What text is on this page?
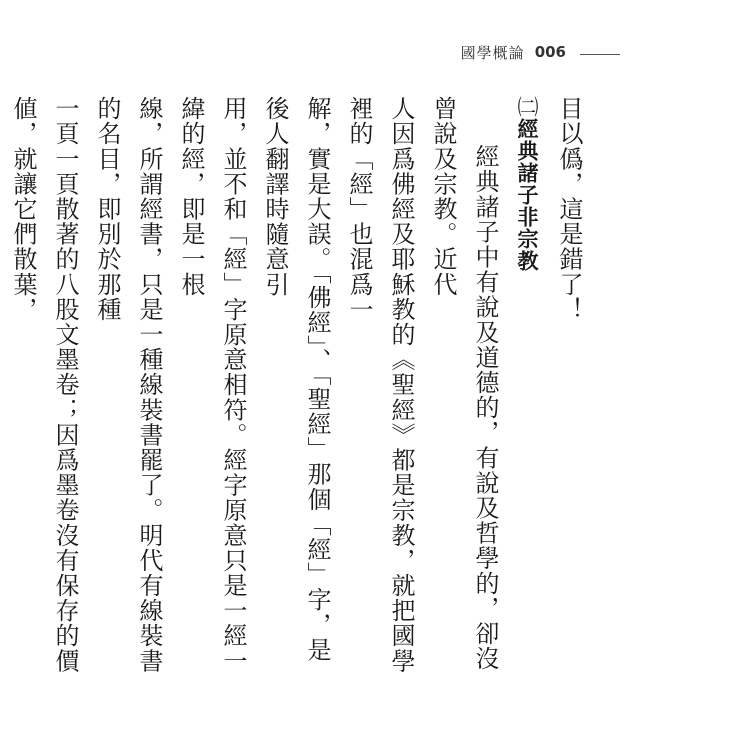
國學概論 006
目以僞，這是錯了！
㈡經典諸子非宗教
經典諸子中有說及道德的，有說及哲學的，卻沒曾說及宗教。近代
人因爲佛經及耶穌教的《聖經》都是宗教，就把國學裡的「經」也混爲一
解，實是大誤。「佛經」、「聖經」那個「經」字，是後人翻譯時隨意引
用，並不和「經」字原意相符。經字原意只是一經一緯的經，即是一根
線，所謂經書，只是一種線裝書罷了。明代有線裝書的名目，即別於那種
一頁一頁散著的八股文墨卷；因爲墨卷沒有保存的價値，就讓它們散葉，
